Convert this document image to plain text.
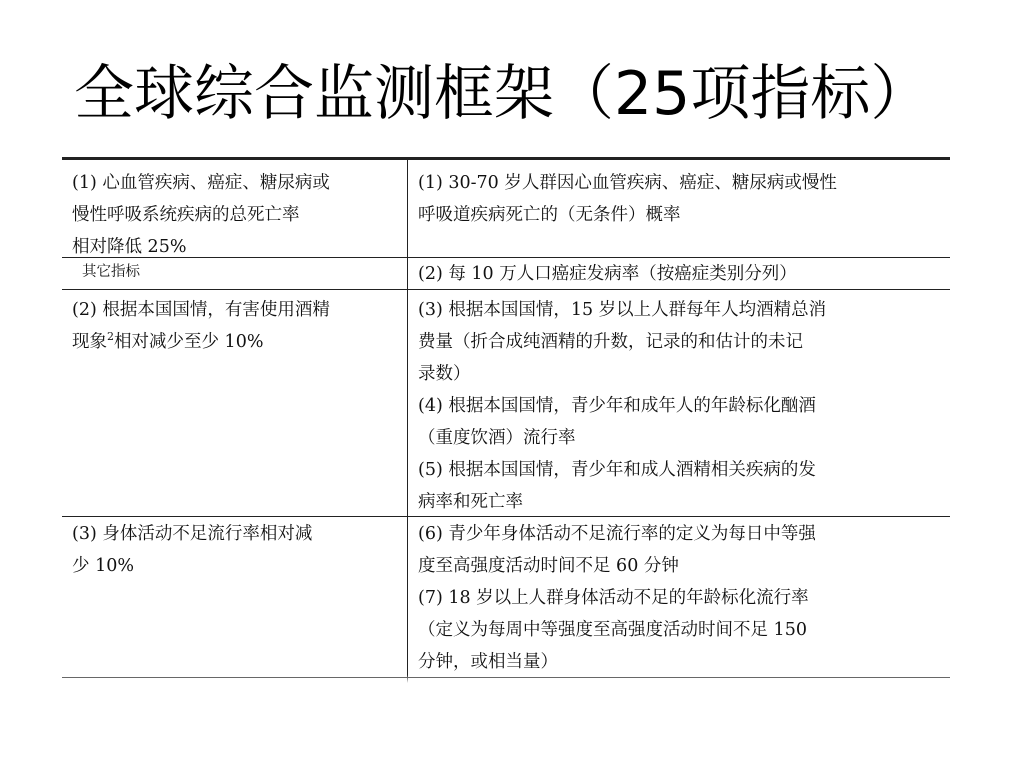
全球综合监测框架（25项指标）
(1) 心血管疾病、癌症、糖尿病或
慢性呼吸系统疾病的总死亡率
相对降低 25%
(1) 30-70 岁人群因心血管疾病、癌症、糖尿病或慢性
呼吸道疾病死亡的（无条件）概率
其它指标	(2) 每 10 万人口癌症发病率（按癌症类别分列）
(2) 根据本国国情，有害使用酒精
现象$^2$相对减少至少 10%
(3) 根据本国国情，15 岁以上人群每年人均酒精总消
费量（折合成纯酒精的升数，记录的和估计的未记
录数）
(4) 根据本国国情，青少年和成年人的年龄标化酗酒
（重度饮酒）流行率
(5) 根据本国国情，青少年和成人酒精相关疾病的发
病率和死亡率
(3) 身体活动不足流行率相对减
少 10%
(6) 青少年身体活动不足流行率的定义为每日中等强
度至高强度活动时间不足 60 分钟
(7) 18 岁以上人群身体活动不足的年龄标化流行率
（定义为每周中等强度至高强度活动时间不足 150
分钟，或相当量）
